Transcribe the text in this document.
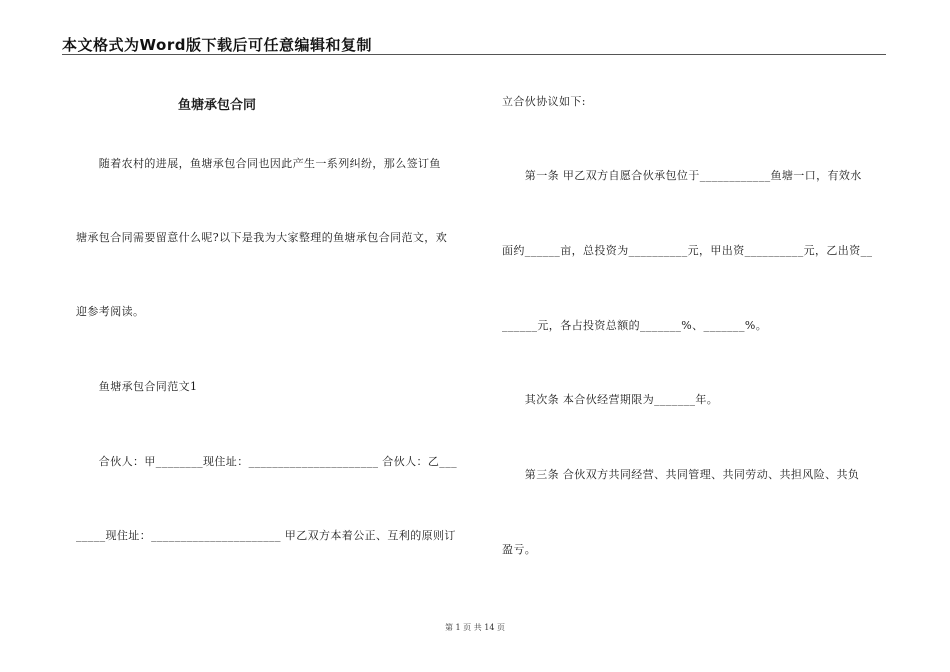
本文格式为Word版下载后可任意编辑和复制
鱼塘承包合同
　　随着农村的进展，鱼塘承包合同也因此产生一系列纠纷，那么签订鱼
塘承包合同需要留意什么呢?以下是我为大家整理的鱼塘承包合同范文，欢
迎参考阅读。
　　鱼塘承包合同范文1
　　合伙人：甲________现住址：______________________ 合伙人：乙___
_____现住址：______________________ 甲乙双方本着公正、互利的原则订
立合伙协议如下:
　　第一条 甲乙双方自愿合伙承包位于____________鱼塘一口，有效水
面约______亩，总投资为__________元，甲出资__________元，乙出资__
______元，各占投资总额的_______%、_______%。
　　其次条 本合伙经营期限为_______年。
　　第三条 合伙双方共同经营、共同管理、共同劳动、共担风险、共负
盈亏。
第 1 页 共 14 页
